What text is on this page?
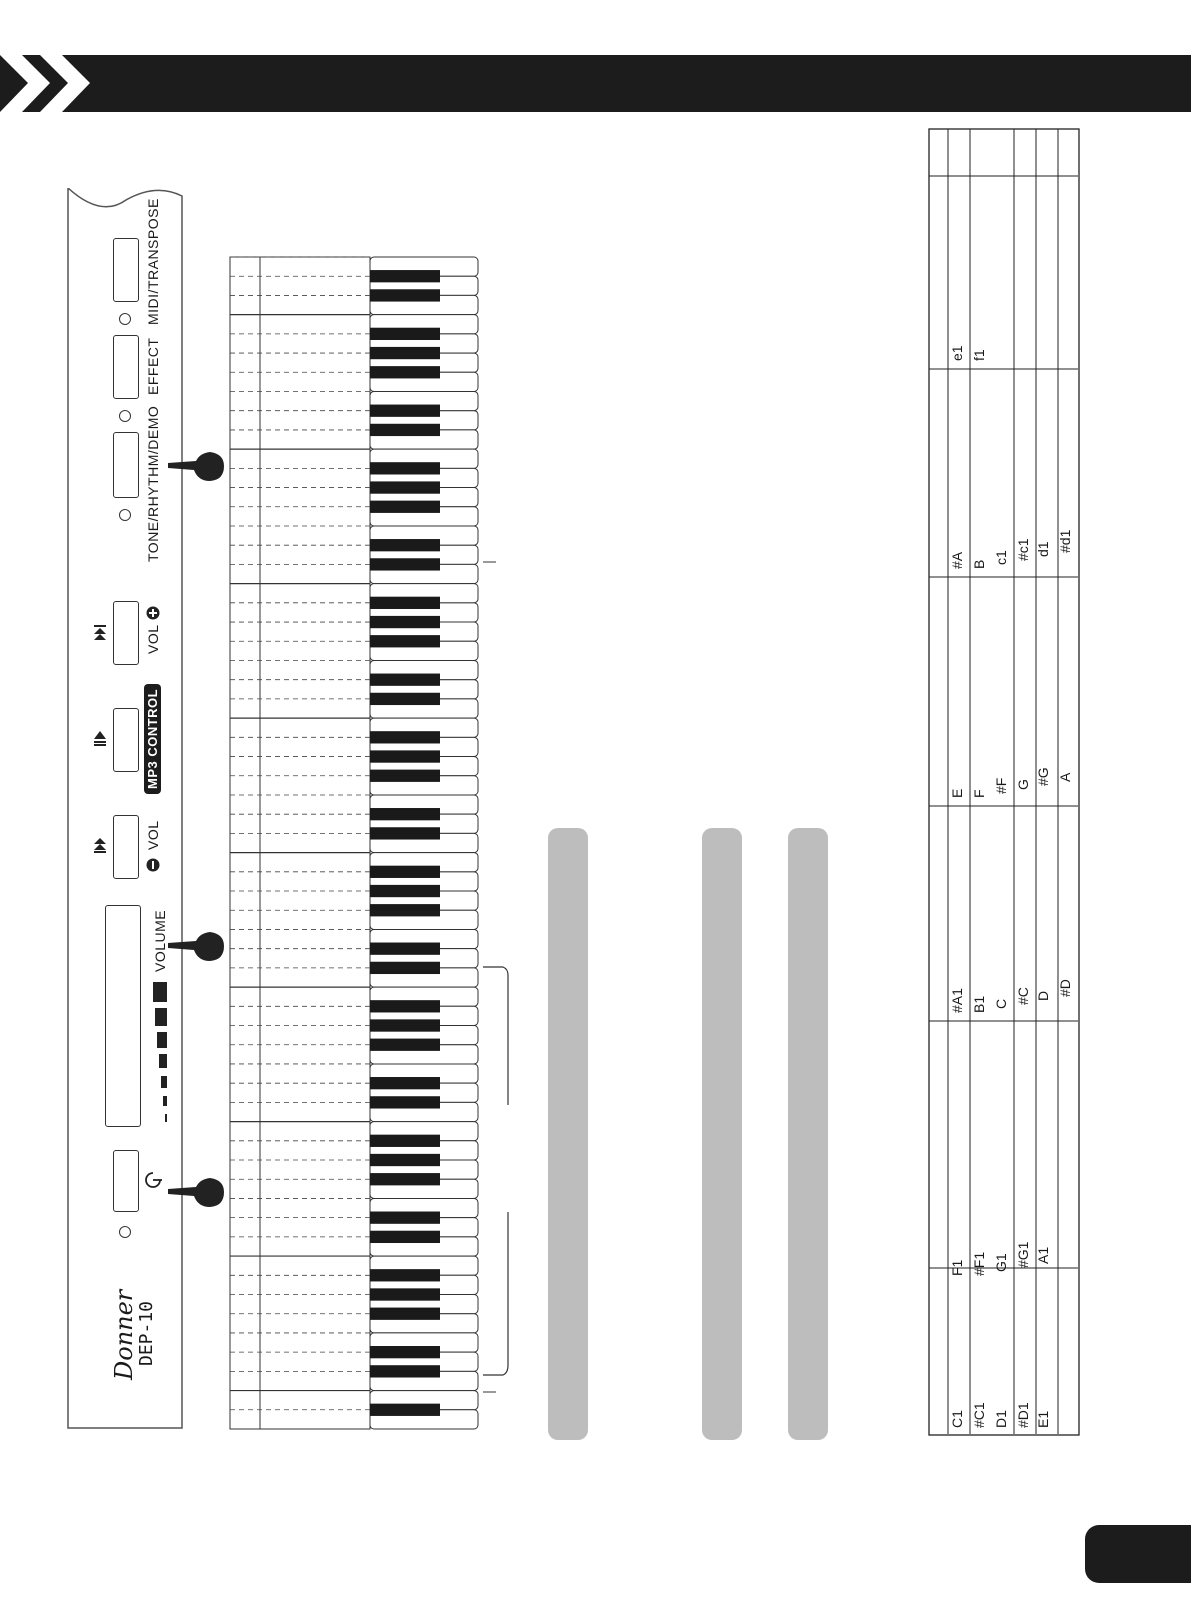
Donner
DEP-10
VOLUME
VOL
MP3 CONTROL
VOL
TONE/RHYTHM/DEMO
EFFECT
MIDI/TRANSPOSE
C1 #C1 D1 #D1 E1
F1 #F1 G1 #G1 A1
#A1 B1 C #C D #D
E F #F G #G A
#A B c1 #c1 d1 #d1
e1 f1
